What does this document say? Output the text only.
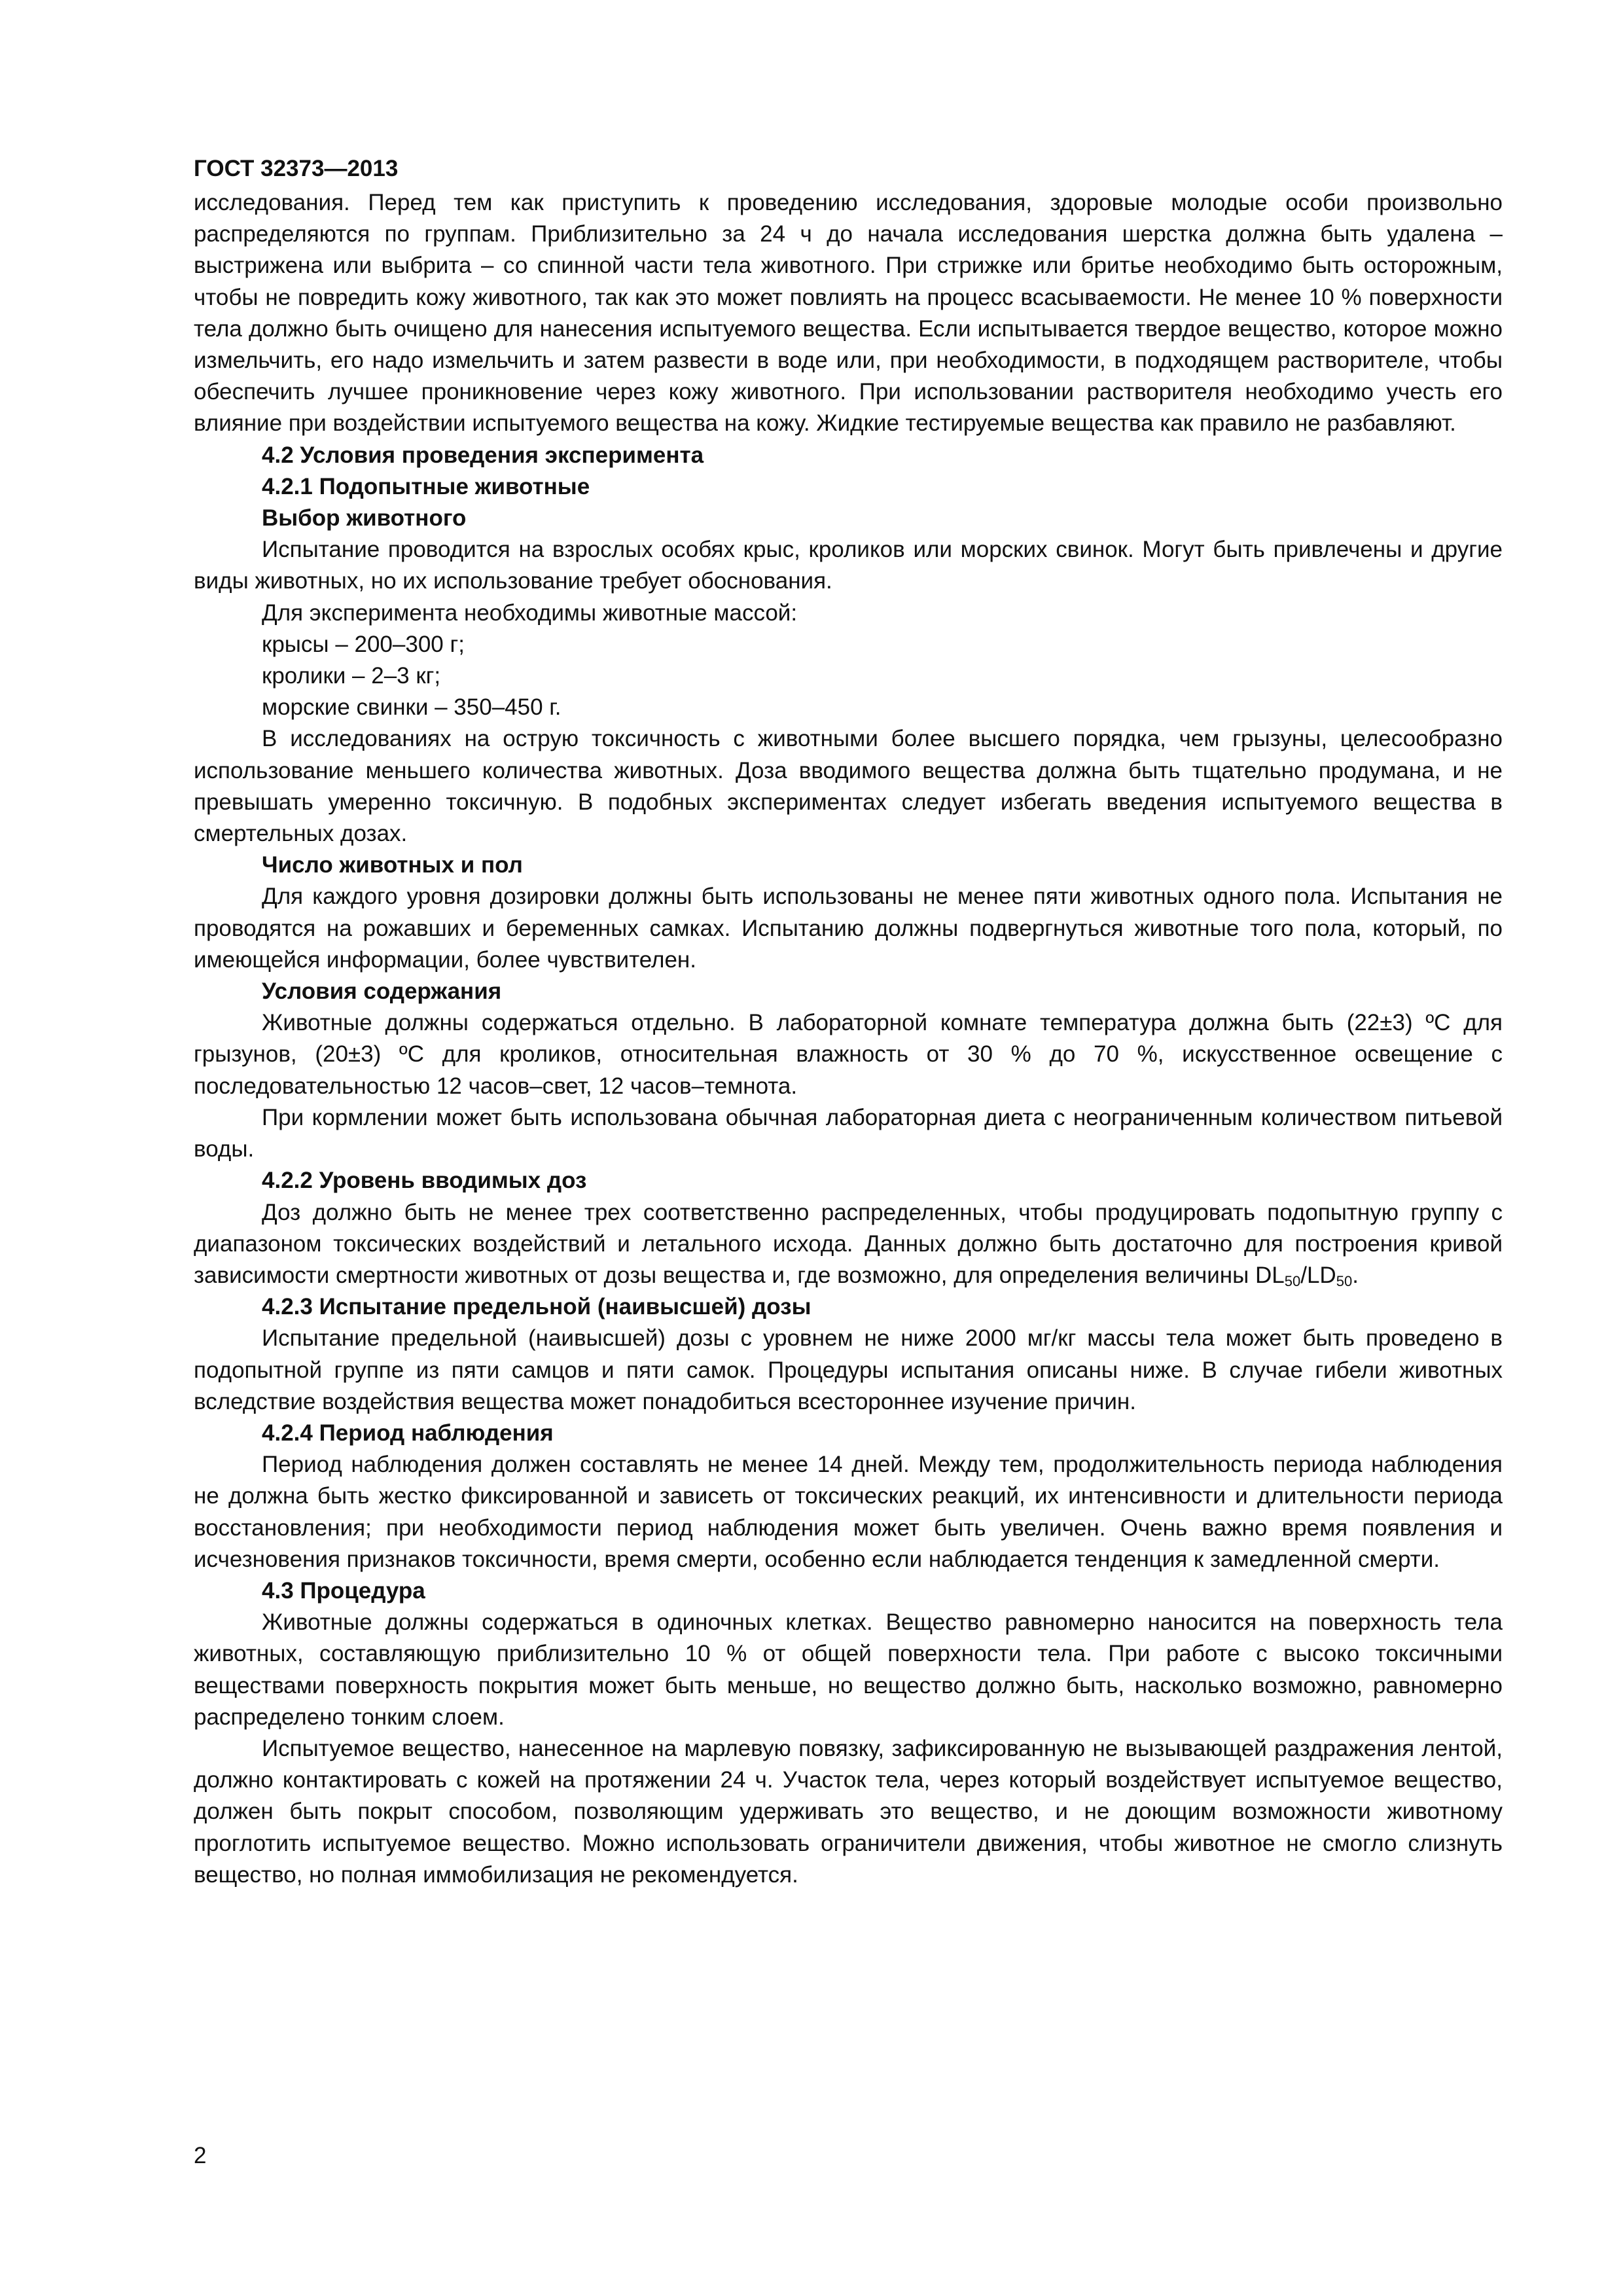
ГОСТ 32373—2013

исследования. Перед тем как приступить к проведению исследования, здоровые молодые особи произвольно распределяются по группам. Приблизительно за 24 ч до начала исследования шерстка должна быть удалена – выстрижена или выбрита – со спинной части тела животного. При стрижке или бритье необходимо быть осторожным, чтобы не повредить кожу животного, так как это может повлиять на процесс всасываемости. Не менее 10 % поверхности тела должно быть очищено для нанесения испытуемого вещества. Если испытывается твердое вещество, которое можно измельчить, его надо измельчить и затем развести в воде или, при необходимости, в подходящем растворителе, чтобы обеспечить лучшее проникновение через кожу животного. При использовании растворителя необходимо учесть его влияние при воздействии испытуемого вещества на кожу. Жидкие тестируемые вещества как правило не разбавляют.

4.2 Условия проведения эксперимента

4.2.1 Подопытные животные

Выбор животного

Испытание проводится на взрослых особях крыс, кроликов или морских свинок. Могут быть привлечены и другие виды животных, но их использование требует обоснования.

Для эксперимента необходимы животные массой:

крысы – 200–300 г;

кролики – 2–3 кг;

морские свинки – 350–450 г.

В исследованиях на острую токсичность с животными более высшего порядка, чем грызуны, целесообразно использование меньшего количества животных. Доза вводимого вещества должна быть тщательно продумана, и не превышать умеренно токсичную. В подобных экспериментах следует избегать введения испытуемого вещества в смертельных дозах.

Число животных и пол

Для каждого уровня дозировки должны быть использованы не менее пяти животных одного пола. Испытания не проводятся на рожавших и беременных самках. Испытанию должны подвергнуться животные того пола, который, по имеющейся информации, более чувствителен.

Условия содержания

Животные должны содержаться отдельно. В лабораторной комнате температура должна быть (22±3) ºС для грызунов, (20±3) ºС для кроликов, относительная влажность от 30 % до 70 %, искусственное освещение с последовательностью 12 часов–свет, 12 часов–темнота.

При кормлении может быть использована обычная лабораторная диета с неограниченным количеством питьевой воды.

4.2.2 Уровень вводимых доз

Доз должно быть не менее трех соответственно распределенных, чтобы продуцировать подопытную группу с диапазоном токсических воздействий и летального исхода. Данных должно быть достаточно для построения кривой зависимости смертности животных от дозы вещества и, где возможно, для определения величины $DL_{50}/LD_{50}$.

4.2.3 Испытание предельной (наивысшей) дозы

Испытание предельной (наивысшей) дозы с уровнем не ниже 2000 мг/кг массы тела может быть проведено в подопытной группе из пяти самцов и пяти самок. Процедуры испытания описаны ниже. В случае гибели животных вследствие воздействия вещества может понадобиться всестороннее изучение причин.

4.2.4 Период наблюдения

Период наблюдения должен составлять не менее 14 дней. Между тем, продолжительность периода наблюдения не должна быть жестко фиксированной и зависеть от токсических реакций, их интенсивности и длительности периода восстановления; при необходимости период наблюдения может быть увеличен. Очень важно время появления и исчезновения признаков токсичности, время смерти, особенно если наблюдается тенденция к замедленной смерти.

4.3 Процедура

Животные должны содержаться в одиночных клетках. Вещество равномерно наносится на поверхность тела животных, составляющую приблизительно 10 % от общей поверхности тела. При работе с высоко токсичными веществами поверхность покрытия может быть меньше, но вещество должно быть, насколько возможно, равномерно распределено тонким слоем.

Испытуемое вещество, нанесенное на марлевую повязку, зафиксированную не вызывающей раздражения лентой, должно контактировать с кожей на протяжении 24 ч. Участок тела, через который воздействует испытуемое вещество, должен быть покрыт способом, позволяющим удерживать это вещество, и не доющим возможности животному проглотить испытуемое вещество. Можно использовать ограничители движения, чтобы животное не смогло слизнуть вещество, но полная иммобилизация не рекомендуется.

2
